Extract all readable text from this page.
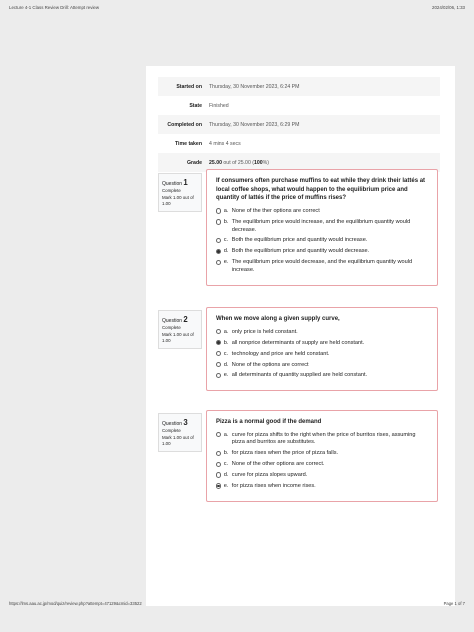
Lecture 4-1 Class Review Drill: Attempt review	2024/02/06, 1:33
Started on	Thursday, 30 November 2023, 6:24 PM
State	Finished
Completed on	Thursday, 30 November 2023, 6:29 PM
Time taken	4 mins 4 secs
Grade	25.00 out of 25.00 (100%)
Question 1
Complete
Mark 1.00 out of 1.00
If consumers often purchase muffins to eat while they drink their lattés at local coffee shops, what would happen to the equilibrium price and quantity of lattés if the price of muffins rises?
a. None of the ther options are correct
b. The equilibrium price would increase, and the equilibrium quantity would decrease.
c. Both the equilibrium price and quantity would increase.
d. Both the equilibrium price and quantity would decrease.
e. The equilibrium price would decrease, and the equilibrium quantity would increase.
Question 2
Complete
Mark 1.00 out of 1.00
When we move along a given supply curve,
a. only price is held constant.
b. all nonprice determinants of supply are held constant.
c. technology and price are held constant.
d. None of the options are correct
e. all determinants of quantity supplied are held constant.
Question 3
Complete
Mark 1.00 out of 1.00
Pizza is a normal good if the demand
a. curve for pizza shifts to the right when the price of burritos rises, assuming pizza and burritos are substitutes.
b. for pizza rises when the price of pizza falls.
c. None of the other options are correct.
d. curve for pizza slopes upward.
e. for pizza rises when income rises.
https://lms.aau.ac.jp/mod/quiz/review.php?attempt=47129&cmid=33522	Page 1 of 7
